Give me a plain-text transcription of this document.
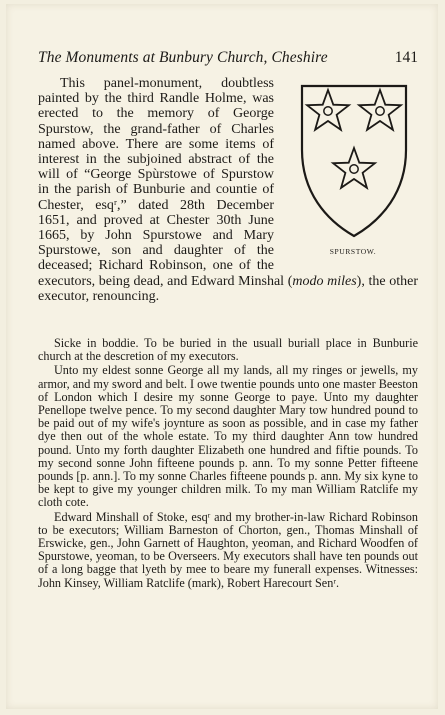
The Monuments at Bunbury Church, Cheshire	141
SPURSTOW.

This panel-monument, doubtless painted by the third Randle Holme, was erected to the memory of George Spurstow, the grand-father of Charles named above. There are some items of interest in the subjoined abstract of the will of “George Spùrstowe of Spurstow in the parish of Bunburie and countie of Chester, esqʳ,” dated 28th December 1651, and proved at Chester 30th June 1665, by John Spurstowe and Mary Spurstowe, son and daughter of the deceased; Richard Robinson, one of the executors, being dead, and Edward Minshal (modo miles), the other executor, renouncing.

Sicke in boddie. To be buried in the usuall buriall place in Bunburie church at the descretion of my executors.

Unto my eldest sonne George all my lands, all my ringes or jewells, my armor, and my sword and belt. I owe twentie pounds unto one master Beeston of London which I desire my sonne George to paye. Unto my daughter Penellope twelve pence. To my second daughter Mary tow hundred pound to be paid out of my wife's joynture as soon as possible, and in case my father dye then out of the whole estate. To my third daughter Ann tow hundred pound. Unto my forth daughter Elizabeth one hundred and fiftie pounds. To my second sonne John fifteene pounds p. ann. To my sonne Petter fifteene pounds [p. ann.]. To my sonne Charles fifteene pounds p. ann. My six kyne to be kept to give my younger children milk. To my man William Ratclife my cloth cote.

Edward Minshall of Stoke, esqʳ and my brother-in-law Richard Robinson to be executors; William Barneston of Chorton, gen., Thomas Minshall of Erswicke, gen., John Garnett of Haughton, yeoman, and Richard Woodfen of Spurstowe, yeoman, to be Overseers. My executors shall have ten pounds out of a long bagge that lyeth by mee to beare my funerall expenses. Witnesses: John Kinsey, William Ratclife (mark), Robert Harecourt Senʳ.
